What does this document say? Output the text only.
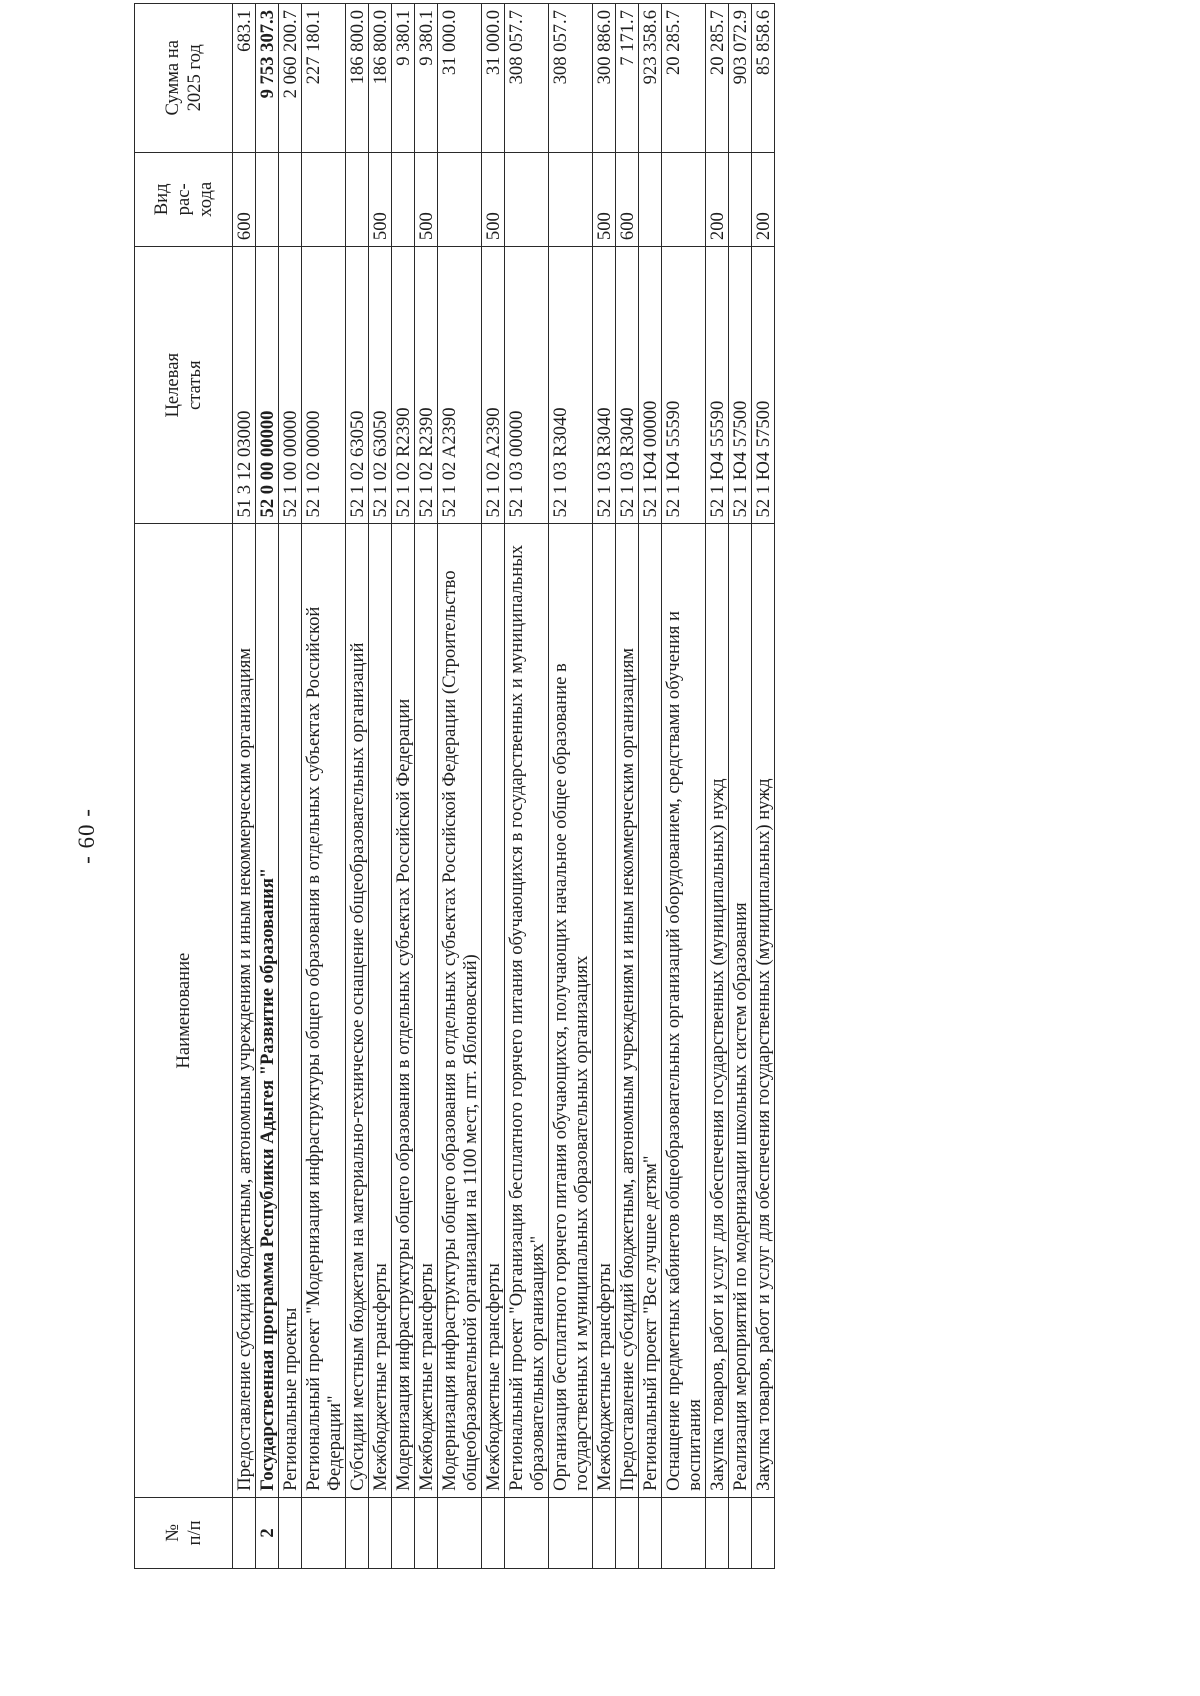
- 60 -
№
п/п	Наименование	Целевая
статья	Вид
рас-
хода	Сумма на
2025 год
	Предоставление субсидий бюджетным, автономным учреждениям и иным некоммерческим организациям	51 3 12 03000	600	683.1
2	Государственная программа Республики Адыгея "Развитие образования"	52 0 00 00000		9 753 307.3
	Региональные проекты	52 1 00 00000		2 060 200.7
	Региональный проект "Модернизация инфраструктуры общего образования в отдельных субъектах Российской Федерации"	52 1 02 00000		227 180.1
	Субсидии местным бюджетам на материально-техническое оснащение общеобразовательных организаций	52 1 02 63050		186 800.0
	Межбюджетные трансферты	52 1 02 63050	500	186 800.0
	Модернизация инфраструктуры общего образования в отдельных субъектах Российской Федерации	52 1 02 R2390		9 380.1
	Межбюджетные трансферты	52 1 02 R2390	500	9 380.1
	Модернизация инфраструктуры общего образования в отдельных субъектах Российской Федерации (Строительство общеобразовательной организации на 1100 мест, пгт. Яблоновский)	52 1 02 A2390		31 000.0
	Межбюджетные трансферты	52 1 02 A2390	500	31 000.0
	Региональный проект "Организация бесплатного горячего питания обучающихся в государственных и муниципальных образовательных организациях"	52 1 03 00000		308 057.7
	Организация бесплатного горячего питания обучающихся, получающих начальное общее образование в государственных и муниципальных образовательных организациях	52 1 03 R3040		308 057.7
	Межбюджетные трансферты	52 1 03 R3040	500	300 886.0
	Предоставление субсидий бюджетным, автономным учреждениям и иным некоммерческим организациям	52 1 03 R3040	600	7 171.7
	Региональный проект "Все лучшее детям"	52 1 Ю4 00000		923 358.6
	Оснащение предметных кабинетов общеобразовательных организаций оборудованием, средствами обучения и воспитания	52 1 Ю4 55590		20 285.7
	Закупка товаров, работ и услуг для обеспечения государственных (муниципальных) нужд	52 1 Ю4 55590	200	20 285.7
	Реализация мероприятий по модернизации школьных систем образования	52 1 Ю4 57500		903 072.9
	Закупка товаров, работ и услуг для обеспечения государственных (муниципальных) нужд	52 1 Ю4 57500	200	85 858.6
